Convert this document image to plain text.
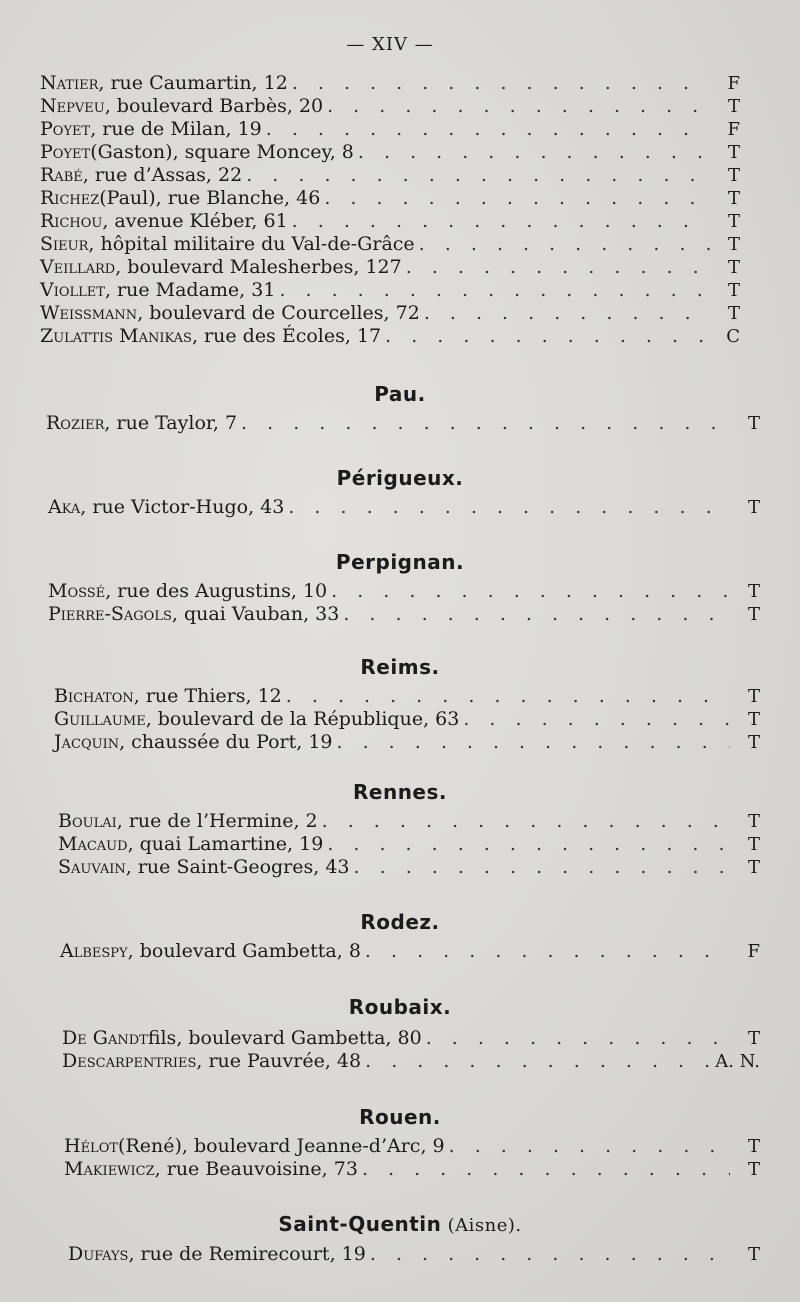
— XIV —
Natier , rue Caumartin, 12 . . .	F
Nepveu , boulevard Barbès, 20 . . .	T
Poyet , rue de Milan, 19 . . .	F
Poyet (Gaston), square Moncey, 8 . . .	T
Rabé , rue d’Assas, 22 . . .	T
Richez (Paul), rue Blanche, 46 . . .	T
Richou , avenue Kléber, 61 . . .	T
Sieur , hôpital militaire du Val-de-Grâce . . .	T
Veillard , boulevard Malesherbes, 127 . . .	T
Viollet , rue Madame, 31 . . .	T
Weissmann , boulevard de Courcelles, 72 . . .	T
Zulattis Manikas , rue des Écoles, 17 . . .	C
Pau.
Rozier , rue Taylor, 7 . . .	T
Périgueux.
Aka , rue Victor-Hugo, 43 . . .	T
Perpignan.
Mossé , rue des Augustins, 10 . . .	T
Pierre-Sagols , quai Vauban, 33 . . .	T
Reims.
Bichaton , rue Thiers, 12 . . .	T
Guillaume , boulevard de la République, 63 . . .	T
Jacquin , chaussée du Port, 19 . . .	T
Rennes.
Boulai , rue de l’Hermine, 2 . . .	T
Macaud , quai Lamartine, 19 . . .	T
Sauvain , rue Saint-Geogres, 43 . . .	T
Rodez.
Albespy , boulevard Gambetta, 8 . . .	F
Roubaix.
De Gandt fils, boulevard Gambetta, 80 . . .	T
Descarpentries , rue Pauvrée, 48 . . .	A. N.
Rouen.
Hélot (René), boulevard Jeanne-d’Arc, 9 . . .	T
Makiewicz , rue Beauvoisine, 73 . . .	T
Saint-Quentin (Aisne).
Dufays , rue de Remirecourt, 19 . . .	T
